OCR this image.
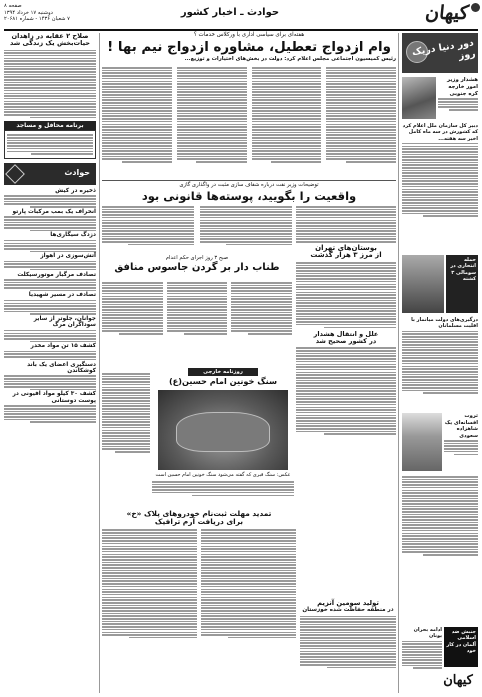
کیهان
حوادث ـ اخبار کشور
صفحه ۸
دوشنبه ۱۷ خرداد ۱۳۹۴
۷ شعبان ۱۴۳۶ - شماره ۲۰۶۸۱
دور دنیا دریک روز
هشدار وزیر امور خارجه کره جنوبی
دبیر کل سازمان ملل اعلام کرد که کشورش در سه ماه کامل اخیر سه هفته...
حمله انتحاری در سومالی ۳ کشته
درگیری‌های دولت میانمار با اقلیت مسلمانان
ثروت افسانه‌ای یک شاهزاده سعودی
جنبش ضد اسلامی آلمان در کار خود
ادامه بحران یونان
کیهان
هفته‌ای برای سیاسی اداری با ورکلاس خدمات ؟
وام ازدواج تعطیل، مشاوره ازدواج نیم بها !
رئیس کمیسیون اجتماعی مجلس اعلام کرد: دولت در بخش‌های اختیارات و توزیع...
توضیحات وزیر نفت درباره شفاف سازی مثبت در واگذاری گازی
واقعیت را بگویید، پوسته‌ها قانونی بود
صبح ۳ روز اجرای حکم اعدام
طناب دار بر گردن جاسوس منافق
بوستان‌های تهران
از مرز ۳ هزار گذشت
علل و انتقال هشدار
در کشور صحیح شد
روزنامه خارجی
سنگ خونین امام حسین(ع)
عکس: سنگ قبری که گفته می‌شود سنگ خونین امام حسین است
تمدید مهلت ثبت‌نام خودروهای پلاک «خ»
برای دریافت آرم ترافیک
تولید سومین آنزیم
در منطقه حفاظت شده خوزستان
صلاح ۲ عقابه در زاهدان
حیات‌بخش یک زندگی شد
برنامه محافل و مساجد
حوادث
ذخیره در کیش
انحراف یک بمب مرکبات پارتو
دزدگ سیگاری‌ها
آتش‌سوزی در اهواز
تصادف مرگبار موتورسیکلت
تصادف در مسیر شهیدیا
جوانان، جلوتر از سایر سوداگران مرگ
کشف ۱۵ تن مواد مخدر
دستگیری اعضای یک باند کوشکاندن
کشف ۳۰ کیلو مواد افیونی در پوست دوستانی
